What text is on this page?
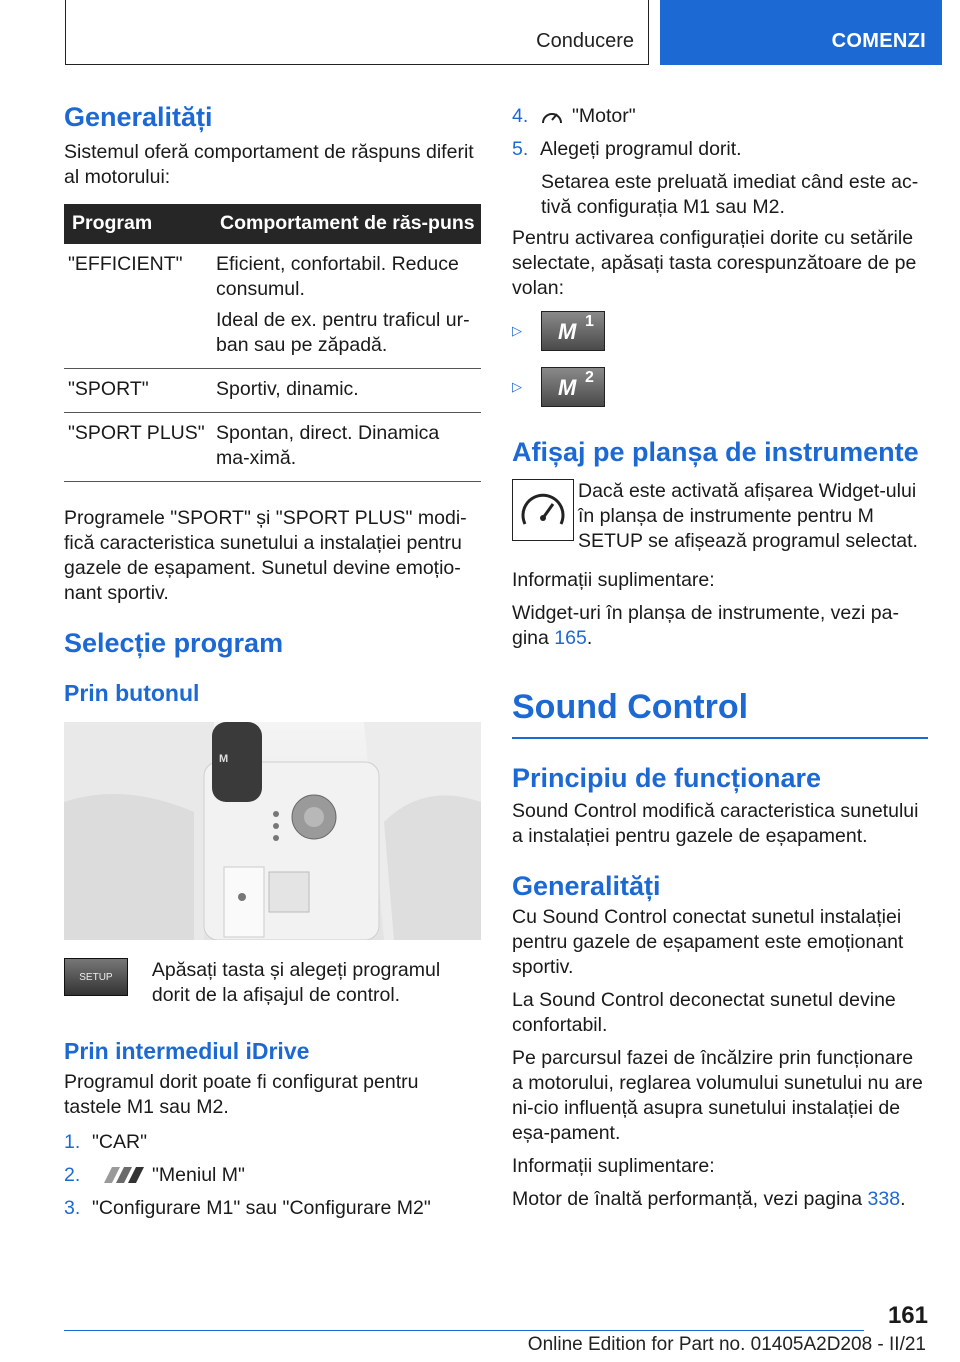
Conducere	COMENZI
Generalități

Sistemul oferă comportament de răspuns diferit al motorului:

Program	Comportament de răs-puns
"EFFICIENT"	Eficient, confortabil. Reduce consumul.
Ideal de ex. pentru traficul ur-ban sau pe zăpadă.

"SPORT"	Sportiv, dinamic.
"SPORT PLUS"	Spontan, direct. Dinamica ma-ximă.

Programele "SPORT" și "SPORT PLUS" modi-fică caracteristica sunetului a instalației pentru gazele de eșapament. Sunetul devine emoțio-nant sportiv.

Selecție program
Prin butonul
M
SETUP	Apăsați tasta și alegeți programul dorit de la afișajul de control.

Prin intermediul iDrive

Programul dorit poate fi configurat pentru tastele M1 sau M2.

1. "CAR"
2.	"Meniul M"
3. "Configurare M1" sau "Configurare M2"
4.	"Motor"
5. Alegeți programul dorit.

Setarea este preluată imediat când este ac-tivă configurația M1 sau M2.

Pentru activarea configurației dorite cu setările selectate, apăsați tasta corespunzătoare de pe volan:

▷	M 1
▷	M 2
Afișaj pe planșa de instrumente

Dacă este activată afișarea Widget-ului în planșa de instrumente pentru M SETUP se afișează programul selectat.

Informații suplimentare:

Widget-uri în planșa de instrumente, vezi pa-gina 165.

Sound Control
Principiu de funcționare

Sound Control modifică caracteristica sunetului a instalației pentru gazele de eșapament.

Generalități

Cu Sound Control conectat sunetul instalației pentru gazele de eșapament este emoționant sportiv.

La Sound Control deconectat sunetul devine confortabil.

Pe parcursul fazei de încălzire prin funcționare a motorului, reglarea volumului sunetului nu are ni-cio influență asupra sunetului instalației de eșa-pament.

Informații suplimentare:

Motor de înaltă performanță, vezi pagina 338.

161
Online Edition for Part no. 01405A2D208 - II/21
